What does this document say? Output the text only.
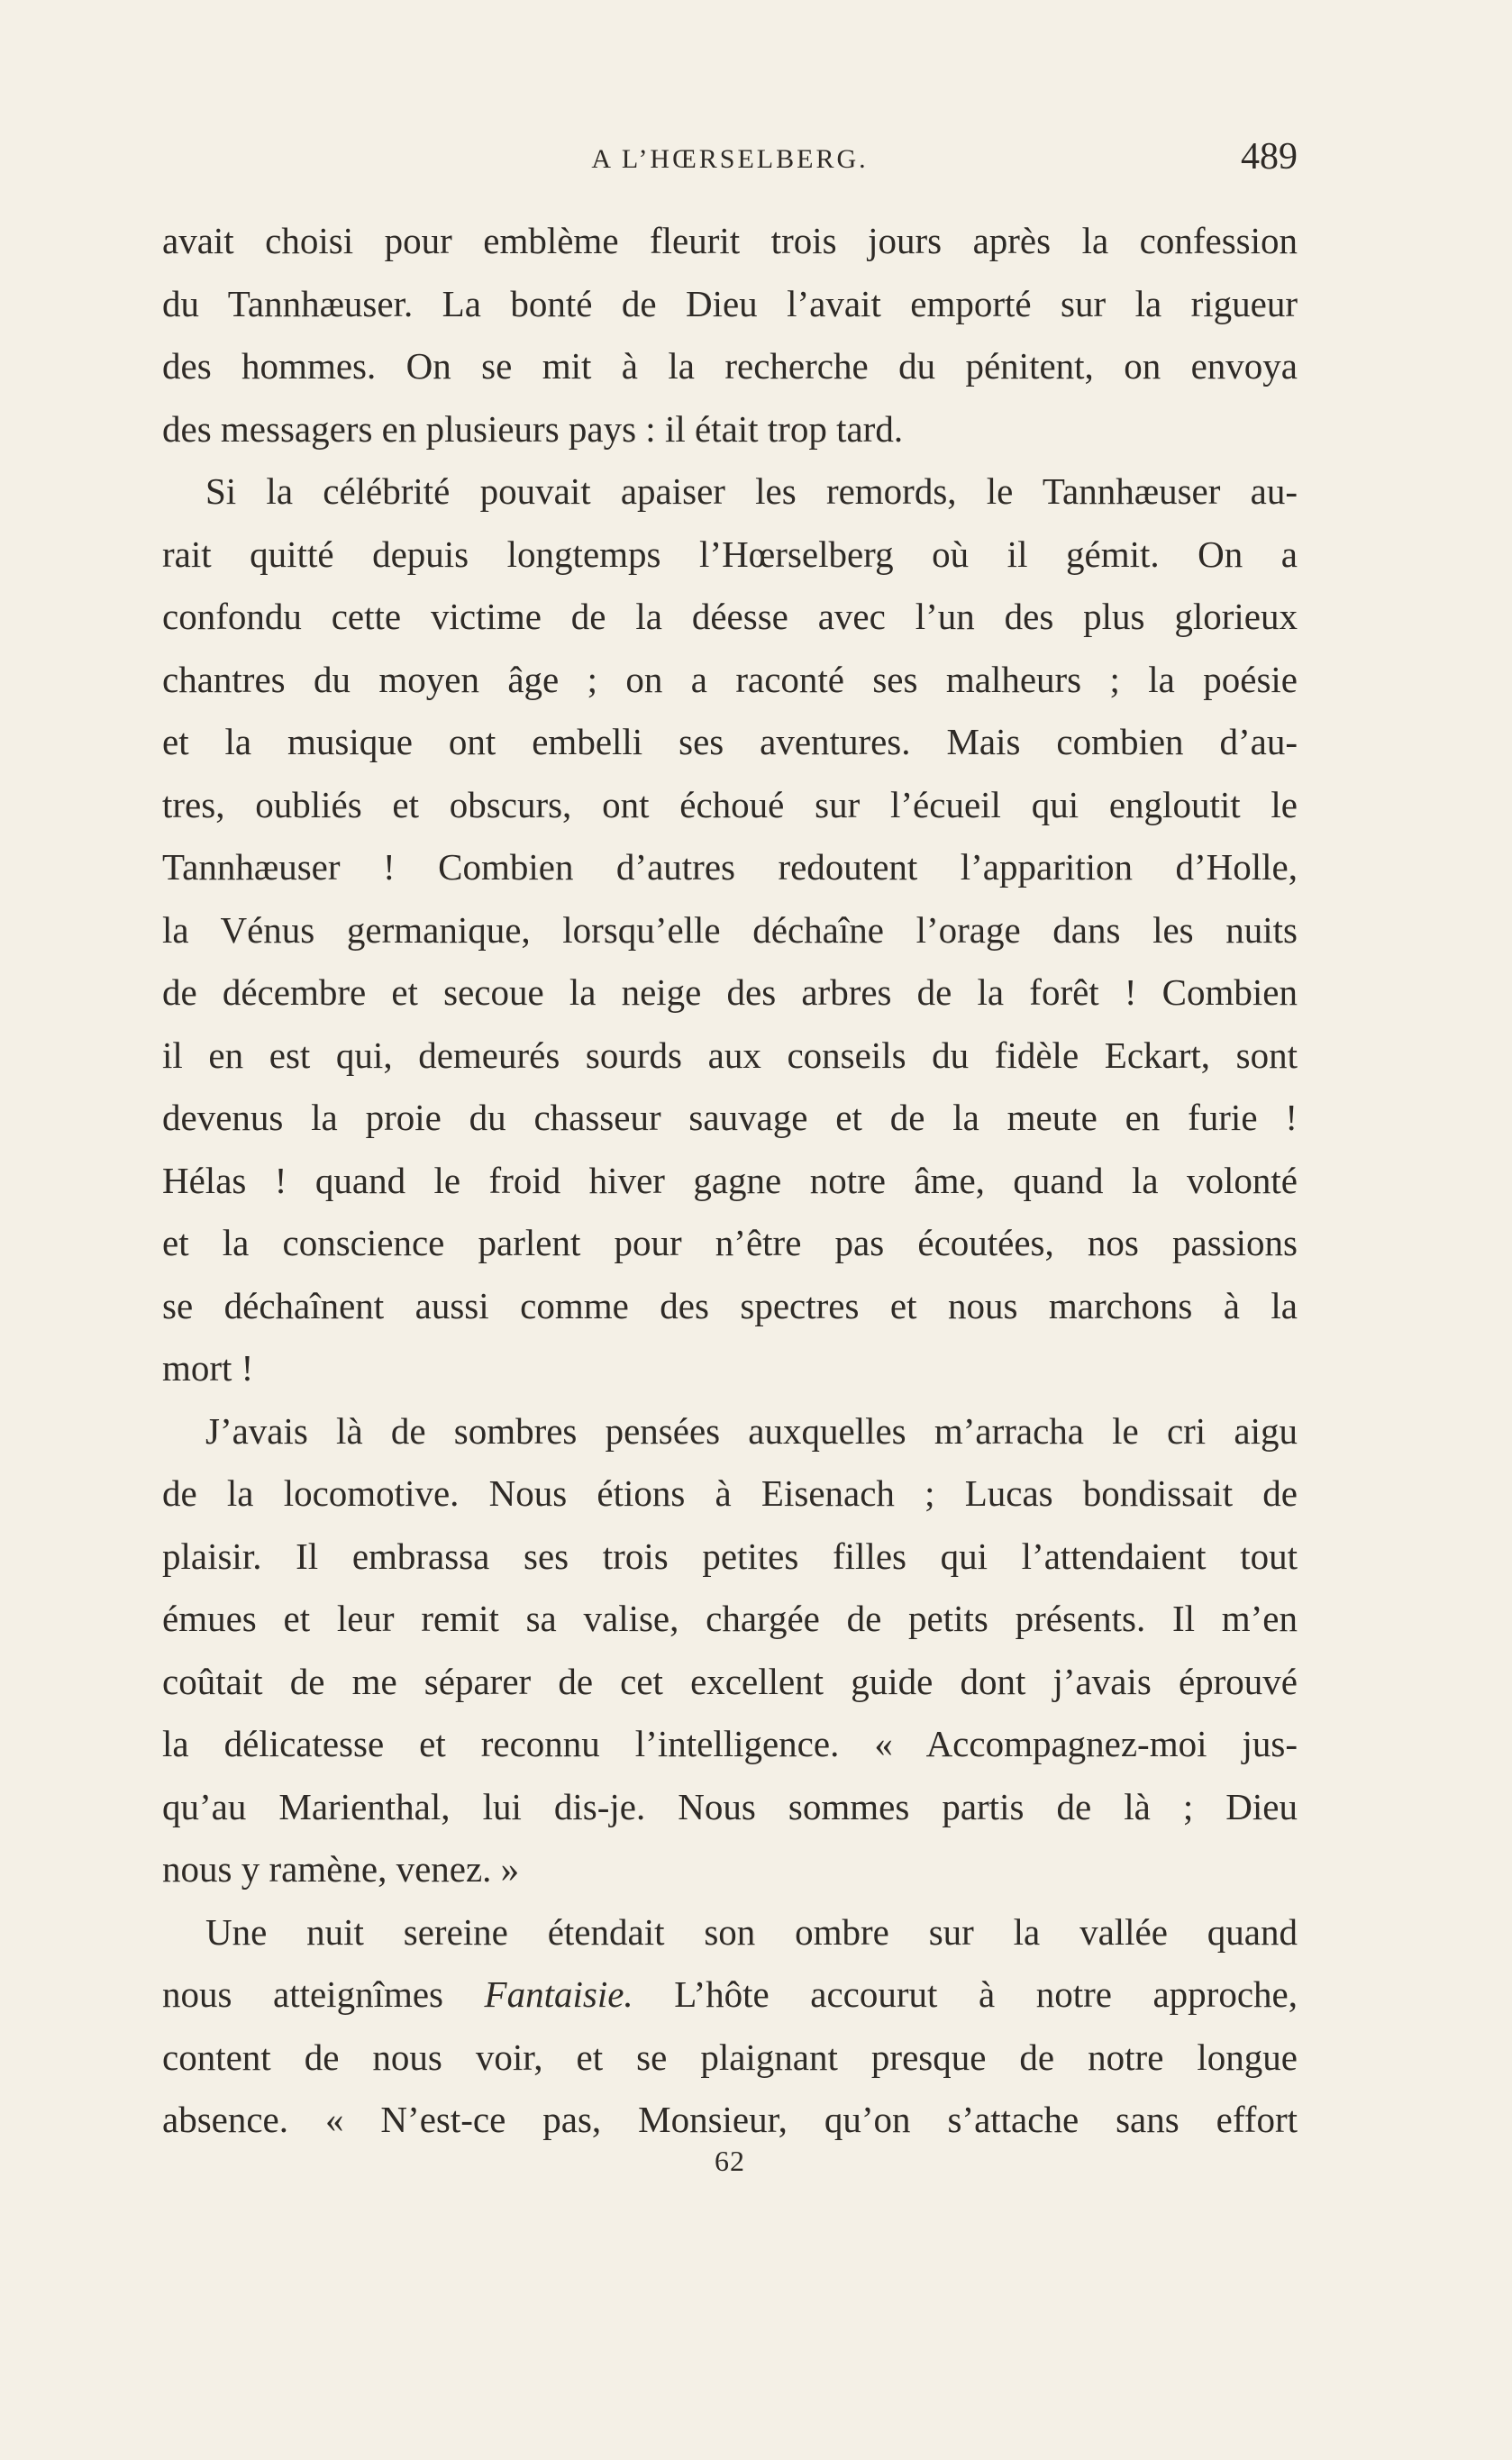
A L’HŒRSELBERG.	489
avait choisi pour emblème fleurit trois jours après la confession
du Tannhæuser. La bonté de Dieu l’avait emporté sur la rigueur
des hommes. On se mit à la recherche du pénitent, on envoya
des messagers en plusieurs pays : il était trop tard.
Si la célébrité pouvait apaiser les remords, le Tannhæuser au-
rait quitté depuis longtemps l’Hœrselberg où il gémit. On a
confondu cette victime de la déesse avec l’un des plus glorieux
chantres du moyen âge ; on a raconté ses malheurs ; la poésie
et la musique ont embelli ses aventures. Mais combien d’au-
tres, oubliés et obscurs, ont échoué sur l’écueil qui engloutit le
Tannhæuser ! Combien d’autres redoutent l’apparition d’Holle,
la Vénus germanique, lorsqu’elle déchaîne l’orage dans les nuits
de décembre et secoue la neige des arbres de la forêt ! Combien
il en est qui, demeurés sourds aux conseils du fidèle Eckart, sont
devenus la proie du chasseur sauvage et de la meute en furie !
Hélas ! quand le froid hiver gagne notre âme, quand la volonté
et la conscience parlent pour n’être pas écoutées, nos passions
se déchaînent aussi comme des spectres et nous marchons à la
mort !
J’avais là de sombres pensées auxquelles m’arracha le cri aigu
de la locomotive. Nous étions à Eisenach ; Lucas bondissait de
plaisir. Il embrassa ses trois petites filles qui l’attendaient tout
émues et leur remit sa valise, chargée de petits présents. Il m’en
coûtait de me séparer de cet excellent guide dont j’avais éprouvé
la délicatesse et reconnu l’intelligence. « Accompagnez-moi jus-
qu’au Marienthal, lui dis-je. Nous sommes partis de là ; Dieu
nous y ramène, venez. »
Une nuit sereine étendait son ombre sur la vallée quand
nous atteignîmes Fantaisie. L’hôte accourut à notre approche,
content de nous voir, et se plaignant presque de notre longue
absence. « N’est-ce pas, Monsieur, qu’on s’attache sans effort
62
